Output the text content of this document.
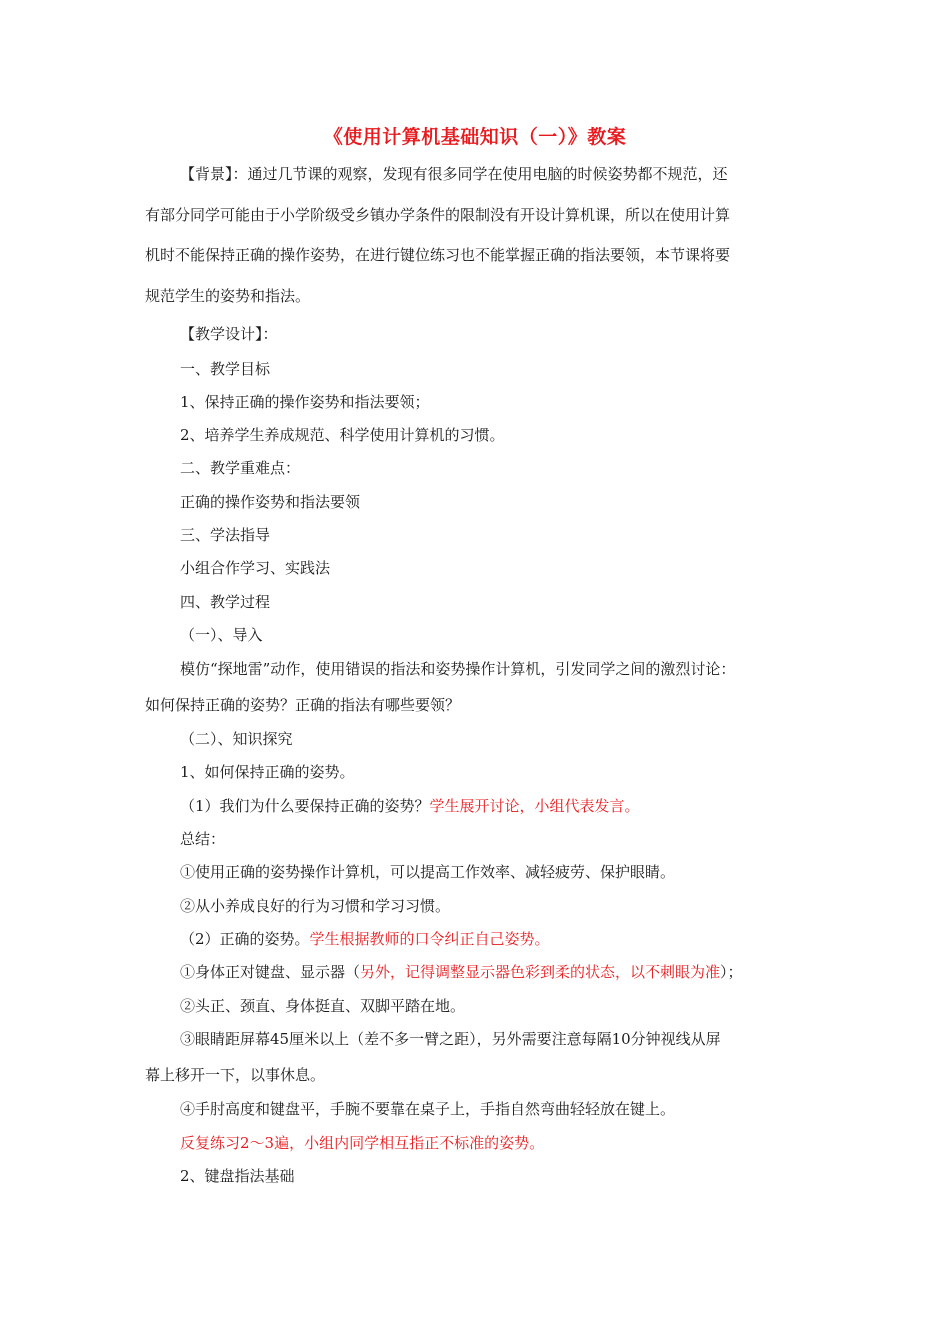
《使用计算机基础知识（一）》教案
【背景】：通过几节课的观察，发现有很多同学在使用电脑的时候姿势都不规范，还
有部分同学可能由于小学阶级受乡镇办学条件的限制没有开设计算机课，所以在使用计算
机时不能保持正确的操作姿势，在进行键位练习也不能掌握正确的指法要领，本节课将要
规范学生的姿势和指法。
【教学设计】：
一、教学目标
1、保持正确的操作姿势和指法要领；
2、培养学生养成规范、科学使用计算机的习惯。
二、教学重难点：
正确的操作姿势和指法要领
三、学法指导
小组合作学习、实践法
四、教学过程
（一）、导入
模仿“探地雷”动作，使用错误的指法和姿势操作计算机，引发同学之间的激烈讨论：
如何保持正确的姿势？正确的指法有哪些要领？
（二）、知识探究
1、如何保持正确的姿势。
（1）我们为什么要保持正确的姿势？学生展开讨论，小组代表发言。
总结：
①使用正确的姿势操作计算机，可以提高工作效率、减轻疲劳、保护眼睛。
②从小养成良好的行为习惯和学习习惯。
（2）正确的姿势。学生根据教师的口令纠正自己姿势。
①身体正对键盘、显示器（另外，记得调整显示器色彩到柔的状态，以不刺眼为准）；
②头正、颈直、身体挺直、双脚平踏在地。
③眼睛距屏幕45厘米以上（差不多一臂之距），另外需要注意每隔10分钟视线从屏
幕上移开一下，以事休息。
④手肘高度和键盘平，手腕不要靠在桌子上，手指自然弯曲轻轻放在键上。
反复练习2～3遍，小组内同学相互指正不标准的姿势。
2、键盘指法基础
